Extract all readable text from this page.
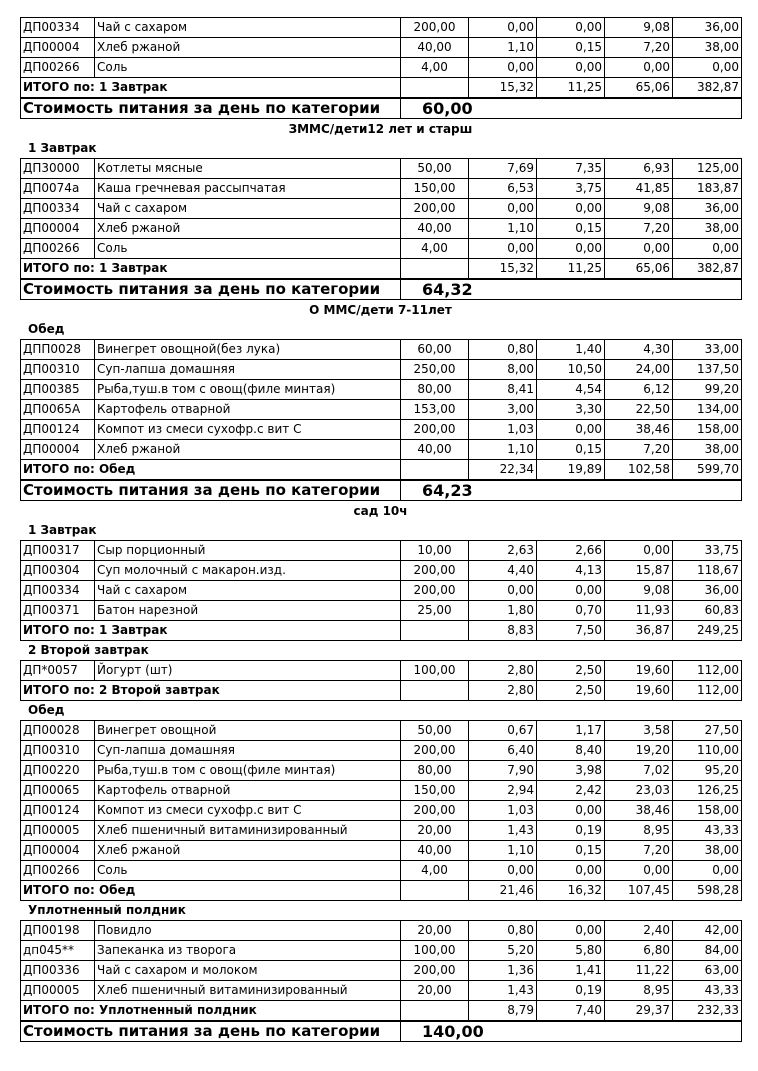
ДП00334	Чай с сахаром	200,00	0,00	0,00	9,08	36,00
ДП00004	Хлеб ржаной	40,00	1,10	0,15	7,20	38,00
ДП00266	Соль	4,00	0,00	0,00	0,00	0,00
ИТОГО по: 1 Завтрак			15,32	11,25	65,06	382,87
Стоимость питания за день по категории	60,00
ЗММС/дети12 лет и старш
1 Завтрак
ДП30000	Котлеты мясные	50,00	7,69	7,35	6,93	125,00
ДП0074а	Каша гречневая рассыпчатая	150,00	6,53	3,75	41,85	183,87
ДП00334	Чай с сахаром	200,00	0,00	0,00	9,08	36,00
ДП00004	Хлеб ржаной	40,00	1,10	0,15	7,20	38,00
ДП00266	Соль	4,00	0,00	0,00	0,00	0,00
ИТОГО по: 1 Завтрак			15,32	11,25	65,06	382,87
Стоимость питания за день по категории	64,32
О ММС/дети 7-11лет
Обед
ДПП0028	Винегрет овощной(без лука)	60,00	0,80	1,40	4,30	33,00
ДП00310	Суп-лапша домашняя	250,00	8,00	10,50	24,00	137,50
ДП00385	Рыба,туш.в том с овощ(филе минтая)	80,00	8,41	4,54	6,12	99,20
ДП0065А	Картофель отварной	153,00	3,00	3,30	22,50	134,00
ДП00124	Компот из смеси сухофр.с вит С	200,00	1,03	0,00	38,46	158,00
ДП00004	Хлеб ржаной	40,00	1,10	0,15	7,20	38,00
ИТОГО по: Обед			22,34	19,89	102,58	599,70
Стоимость питания за день по категории	64,23
сад 10ч
1 Завтрак
ДП00317	Сыр порционный	10,00	2,63	2,66	0,00	33,75
ДП00304	Суп молочный с макарон.изд.	200,00	4,40	4,13	15,87	118,67
ДП00334	Чай с сахаром	200,00	0,00	0,00	9,08	36,00
ДП00371	Батон нарезной	25,00	1,80	0,70	11,93	60,83
ИТОГО по: 1 Завтрак			8,83	7,50	36,87	249,25
2 Второй завтрак
ДП*0057	Йогурт (шт)	100,00	2,80	2,50	19,60	112,00
ИТОГО по: 2 Второй завтрак			2,80	2,50	19,60	112,00
Обед
ДП00028	Винегрет овощной	50,00	0,67	1,17	3,58	27,50
ДП00310	Суп-лапша домашняя	200,00	6,40	8,40	19,20	110,00
ДП00220	Рыба,туш.в том с овощ(филе минтая)	80,00	7,90	3,98	7,02	95,20
ДП00065	Картофель отварной	150,00	2,94	2,42	23,03	126,25
ДП00124	Компот из смеси сухофр.с вит С	200,00	1,03	0,00	38,46	158,00
ДП00005	Хлеб пшеничный витаминизированный	20,00	1,43	0,19	8,95	43,33
ДП00004	Хлеб ржаной	40,00	1,10	0,15	7,20	38,00
ДП00266	Соль	4,00	0,00	0,00	0,00	0,00
ИТОГО по: Обед			21,46	16,32	107,45	598,28
Уплотненный полдник
ДП00198	Повидло	20,00	0,80	0,00	2,40	42,00
дп045**	Запеканка из творога	100,00	5,20	5,80	6,80	84,00
ДП00336	Чай с сахаром и молоком	200,00	1,36	1,41	11,22	63,00
ДП00005	Хлеб пшеничный витаминизированный	20,00	1,43	0,19	8,95	43,33
ИТОГО по: Уплотненный полдник			8,79	7,40	29,37	232,33
Стоимость питания за день по категории	140,00
